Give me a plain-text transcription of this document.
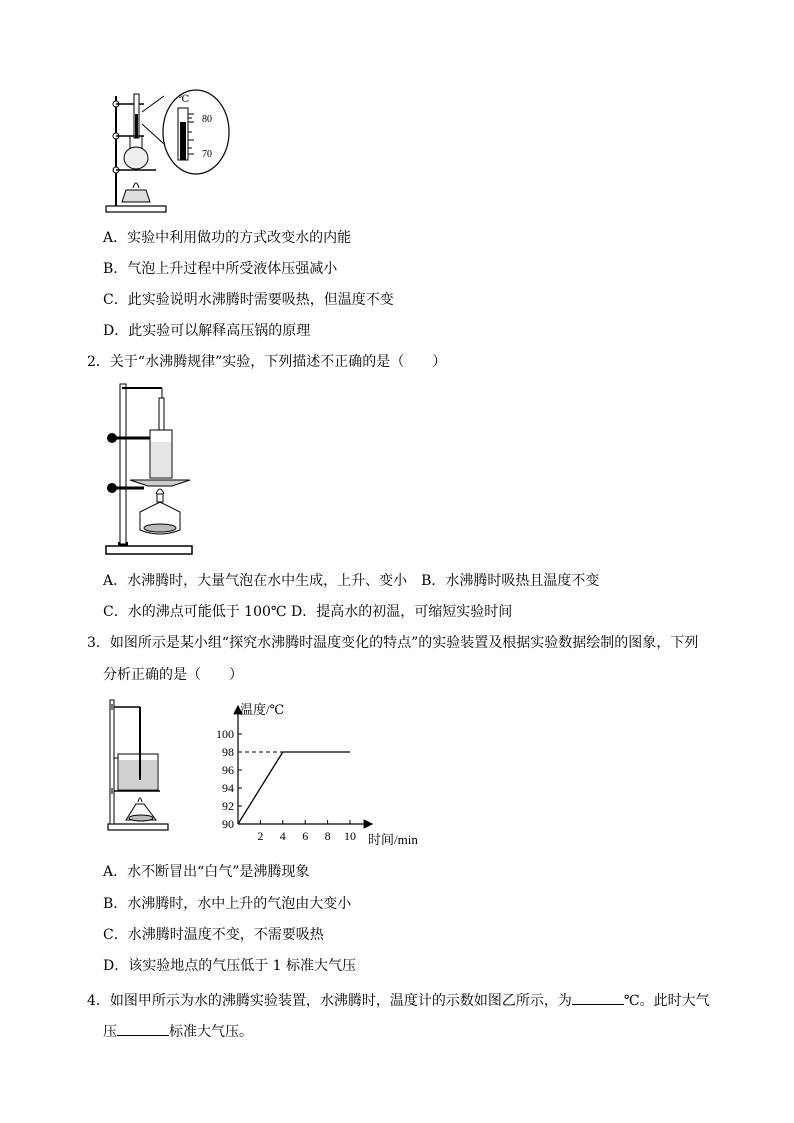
℃
80
70
A．实验中利用做功的方式改变水的内能
B．气泡上升过程中所受液体压强减小
C．此实验说明水沸腾时需要吸热，但温度不变
D．此实验可以解释高压锅的原理
2．关于“水沸腾规律”实验，下列描述不正确的是（　　）
A．水沸腾时，大量气泡在水中生成，上升、变小　B．水沸腾时吸热且温度不变
C．水的沸点可能低于 100℃ D．提高水的初温，可缩短实验时间
3．如图所示是某小组“探究水沸腾时温度变化的特点”的实验装置及根据实验数据绘制的图象，下列
分析正确的是（　　）
温度/℃
时间/min
90
92
94
96
98
100
2 4 6 8 10
A．水不断冒出“白气”是沸腾现象
B．水沸腾时，水中上升的气泡由大变小
C．水沸腾时温度不变，不需要吸热
D．该实验地点的气压低于 1 标准大气压
4．如图甲所示为水的沸腾实验装置，水沸腾时，温度计的示数如图乙所示，为	℃。此时大气
压	标准大气压。
